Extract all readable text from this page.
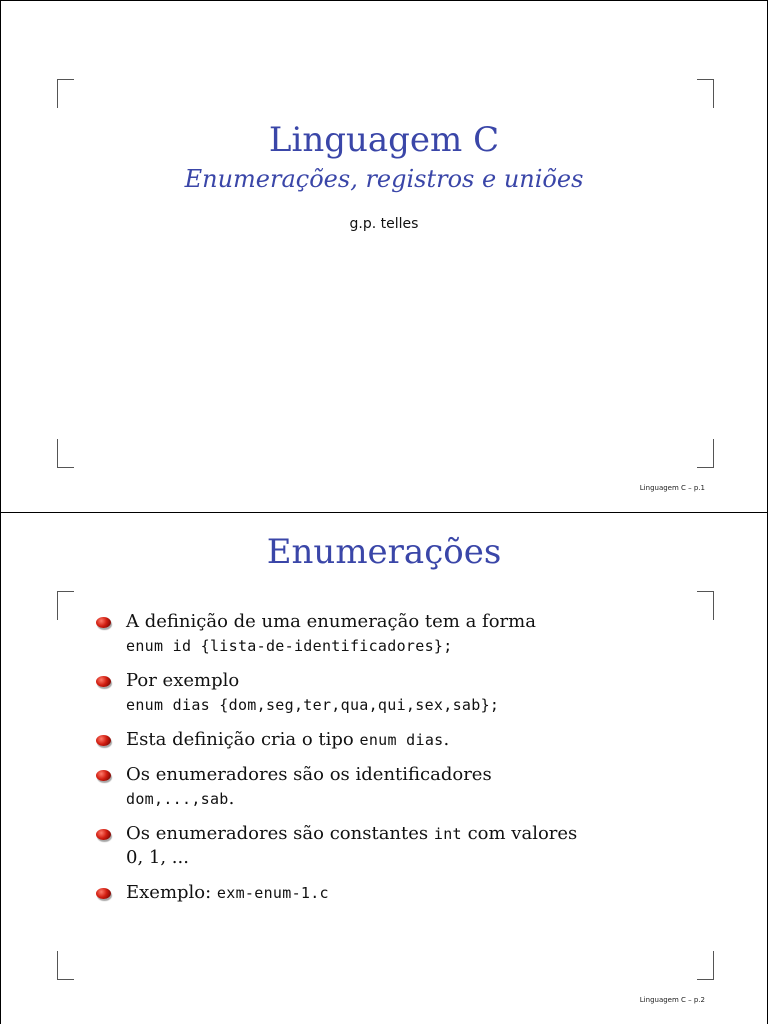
Linguagem C – p.1
Linguagem C
Enumerações, registros e uniões
g.p. telles
Linguagem C – p.2
Enumerações
A definição de uma enumeração tem a forma
enum id {lista-de-identificadores};
Por exemplo
enum dias {dom,seg,ter,qua,qui,sex,sab};
Esta definição cria o tipo enum dias.
Os enumeradores são os identificadores
dom,...,sab.
Os enumeradores são constantes int com valores
0, 1, ...
Exemplo: exm-enum-1.c
